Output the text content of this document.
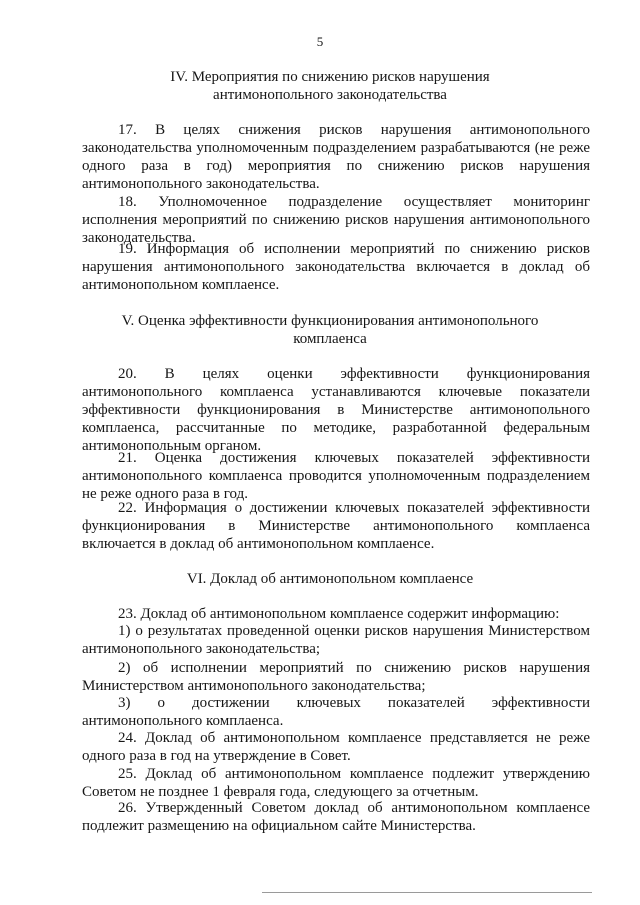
5
IV. Мероприятия по снижению рисков нарушения антимонопольного законодательства
17. В целях снижения рисков нарушения антимонопольного законодательства уполномоченным подразделением разрабатываются (не реже одного раза в год) мероприятия по снижению рисков нарушения антимонопольного законодательства.
18. Уполномоченное подразделение осуществляет мониторинг исполнения мероприятий по снижению рисков нарушения антимонопольного законодательства.
19. Информация об исполнении мероприятий по снижению рисков нарушения антимонопольного законодательства включается в доклад об антимонопольном комплаенсе.
V. Оценка эффективности функционирования антимонопольного комплаенса
20. В целях оценки эффективности функционирования антимонопольного комплаенса устанавливаются ключевые показатели эффективности функционирования в Министерстве антимонопольного комплаенса, рассчитанные по методике, разработанной федеральным антимонопольным органом.
21. Оценка достижения ключевых показателей эффективности антимонопольного комплаенса проводится уполномоченным подразделением не реже одного раза в год.
22. Информация о достижении ключевых показателей эффективности функционирования в Министерстве антимонопольного комплаенса включается в доклад об антимонопольном комплаенсе.
VI. Доклад об антимонопольном комплаенсе
23. Доклад об антимонопольном комплаенсе содержит информацию:
1) о результатах проведенной оценки рисков нарушения Министерством антимонопольного законодательства;
2) об исполнении мероприятий по снижению рисков нарушения Министерством антимонопольного законодательства;
3) о достижении ключевых показателей эффективности антимонопольного комплаенса.
24. Доклад об антимонопольном комплаенсе представляется не реже одного раза в год на утверждение в Совет.
25. Доклад об антимонопольном комплаенсе подлежит утверждению Советом не позднее 1 февраля года, следующего за отчетным.
26. Утвержденный Советом доклад об антимонопольном комплаенсе подлежит размещению на официальном сайте Министерства.
